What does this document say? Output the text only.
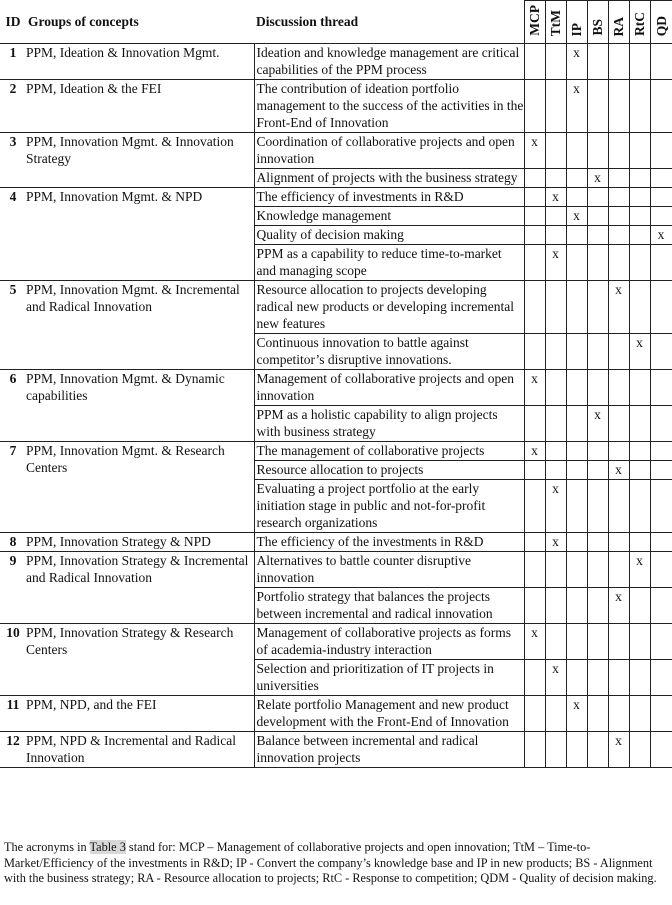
ID	Groups of concepts	Discussion thread	MCP	TtM	IP	BS	RA	RtC	QD
1	PPM, Ideation & Innovation Mgmt.	Ideation and knowledge management are critical capabilities of the PPM process			x				
2	PPM, Ideation & the FEI	The contribution of ideation portfolio management to the success of the activities in the Front-End of Innovation			x				
3	PPM, Innovation Mgmt. & Innovation Strategy	Coordination of collaborative projects and open innovation	x						
		Alignment of projects with the business strategy				x			
4	PPM, Innovation Mgmt. & NPD	The efficiency of investments in R&D		x					
		Knowledge management			x				
		Quality of decision making							x
		PPM as a capability to reduce time-to-market and managing scope		x					
5	PPM, Innovation Mgmt. & Incremental and Radical Innovation	Resource allocation to projects developing radical new products or developing incremental new features					x		
		Continuous innovation to battle against competitor’s disruptive innovations.						x	
6	PPM, Innovation Mgmt. & Dynamic capabilities	Management of collaborative projects and open innovation	x						
		PPM as a holistic capability to align projects with business strategy				x			
7	PPM, Innovation Mgmt. & Research Centers	The management of collaborative projects	x						
		Resource allocation to projects					x		
		Evaluating a project portfolio at the early initiation stage in public and not-for-profit research organizations		x					
8	PPM, Innovation Strategy & NPD	The efficiency of the investments in R&D		x					
9	PPM, Innovation Strategy & Incremental and Radical Innovation	Alternatives to battle counter disruptive innovation						x	
		Portfolio strategy that balances the projects between incremental and radical innovation					x		
10	PPM, Innovation Strategy & Research Centers	Management of collaborative projects as forms of academia-industry interaction	x						
		Selection and prioritization of IT projects in universities		x					
11	PPM, NPD, and the FEI	Relate portfolio Management and new product development with the Front-End of Innovation			x				
12	PPM, NPD & Incremental and Radical Innovation	Balance between incremental and radical innovation projects					x		
The acronyms in Table 3 stand for: MCP – Management of collaborative projects and open innovation; TtM – Time-to-Market/Efficiency of the investments in R&D; IP - Convert the company’s knowledge base and IP in new products; BS - Alignment with the business strategy; RA - Resource allocation to projects; RtC - Response to competition; QDM - Quality of decision making.
